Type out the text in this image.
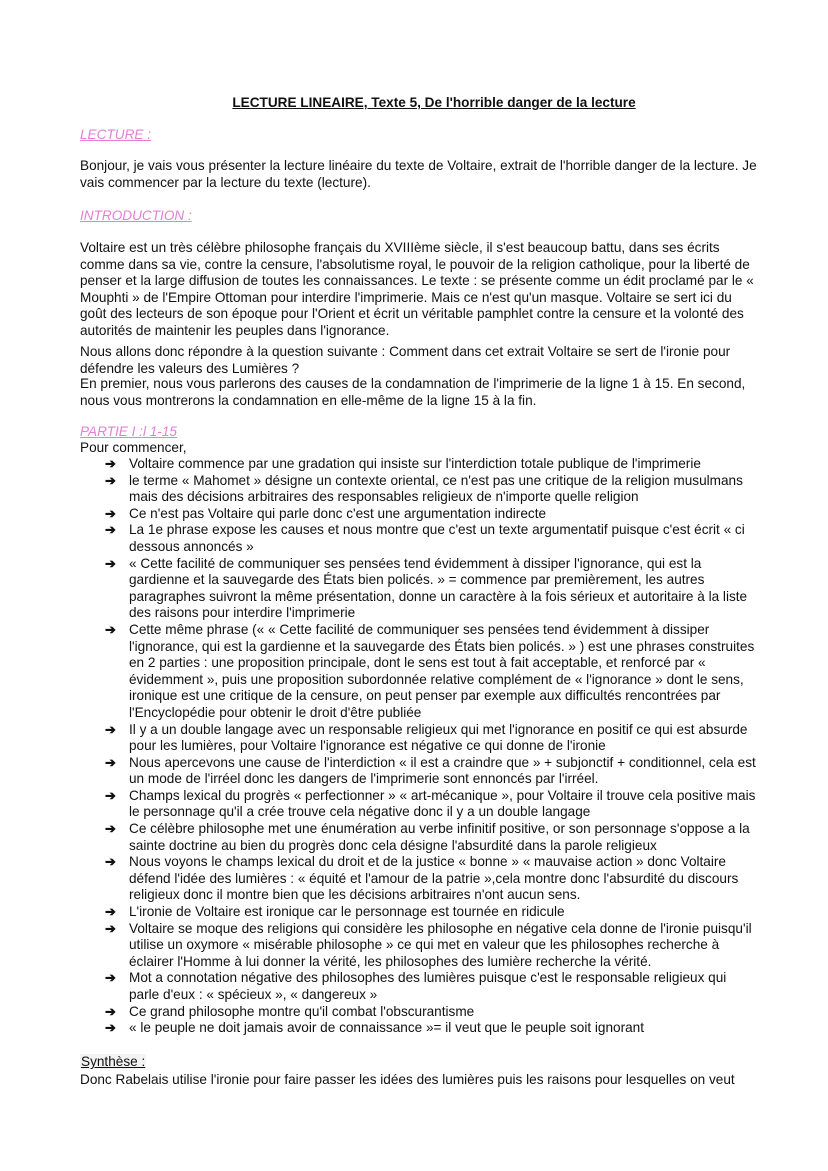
LECTURE LINEAIRE, Texte 5, De l'horrible danger de la lecture
LECTURE :

Bonjour, je vais vous présenter la lecture linéaire du texte de Voltaire, extrait de l'horrible danger de la lecture. Je vais commencer par la lecture du texte (lecture).

INTRODUCTION :

Voltaire est un très célèbre philosophe français du XVIIIème siècle, il s'est beaucoup battu, dans ses écrits comme dans sa vie, contre la censure, l'absolutisme royal, le pouvoir de la religion catholique, pour la liberté de penser et la large diffusion de toutes les connaissances. Le texte : se présente comme un édit proclamé par le « Mouphti » de l'Empire Ottoman pour interdire l'imprimerie. Mais ce n'est qu'un masque. Voltaire se sert ici du goût des lecteurs de son époque pour l'Orient et écrit un véritable pamphlet contre la censure et la volonté des autorités de maintenir les peuples dans l'ignorance.

Nous allons donc répondre à la question suivante : Comment dans cet extrait Voltaire se sert de l'ironie pour défendre les valeurs des Lumières ?

En premier, nous vous parlerons des causes de la condamnation de l'imprimerie de la ligne 1 à 15. En second, nous vous montrerons la condamnation en elle-même de la ligne 15 à la fin.

PARTIE I :l 1-15
Pour commencer,
➔ Voltaire commence par une gradation qui insiste sur l'interdiction totale publique de l'imprimerie
➔ le terme « Mahomet » désigne un contexte oriental, ce n'est pas une critique de la religion musulmans mais des décisions arbitraires des responsables religieux de n'importe quelle religion
➔ Ce n'est pas Voltaire qui parle donc c'est une argumentation indirecte
➔ La 1e phrase expose les causes et nous montre que c'est un texte argumentatif puisque c'est écrit « ci dessous annoncés »
➔ « Cette facilité de communiquer ses pensées tend évidemment à dissiper l'ignorance, qui est la gardienne et la sauvegarde des États bien policés. » = commence par premièrement, les autres paragraphes suivront la même présentation, donne un caractère à la fois sérieux et autoritaire à la liste des raisons pour interdire l'imprimerie
➔ Cette même phrase (« « Cette facilité de communiquer ses pensées tend évidemment à dissiper l'ignorance, qui est la gardienne et la sauvegarde des États bien policés. » ) est une phrases construites en 2 parties : une proposition principale, dont le sens est tout à fait acceptable, et renforcé par « évidemment », puis une proposition subordonnée relative complément de « l'ignorance » dont le sens, ironique est une critique de la censure, on peut penser par exemple aux difficultés rencontrées par l'Encyclopédie pour obtenir le droit d'être publiée
➔ Il y a un double langage avec un responsable religieux qui met l'ignorance en positif ce qui est absurde pour les lumières, pour Voltaire l'ignorance est négative ce qui donne de l'ironie
➔ Nous apercevons une cause de l'interdiction « il est a craindre que » + subjonctif + conditionnel, cela est un mode de l'irréel donc les dangers de l'imprimerie sont ennoncés par l'irréel.
➔ Champs lexical du progrès « perfectionner » « art-mécanique », pour Voltaire il trouve cela positive mais le personnage qu'il a crée trouve cela négative donc il y a un double langage
➔ Ce célèbre philosophe met une énumération au verbe infinitif positive, or son personnage s'oppose a la sainte doctrine au bien du progrès donc cela désigne l'absurdité dans la parole religieux
➔ Nous voyons le champs lexical du droit et de la justice « bonne » « mauvaise action » donc Voltaire défend l'idée des lumières : « équité et l'amour de la patrie »,cela montre donc l'absurdité du discours religieux donc il montre bien que les décisions arbitraires n'ont aucun sens.
➔ L'ironie de Voltaire est ironique car le personnage est tournée en ridicule
➔ Voltaire se moque des religions qui considère les philosophe en négative cela donne de l'ironie puisqu'il utilise un oxymore « misérable philosophe » ce qui met en valeur que les philosophes recherche à éclairer l'Homme à lui donner la vérité, les philosophes des lumière recherche la vérité.
➔ Mot a connotation négative des philosophes des lumières puisque c'est le responsable religieux qui parle d'eux : « spécieux », « dangereux »
➔ Ce grand philosophe montre qu'il combat l'obscurantisme
➔ « le peuple ne doit jamais avoir de connaissance »= il veut que le peuple soit ignorant
Synthèse :

Donc Rabelais utilise l'ironie pour faire passer les idées des lumières puis les raisons pour lesquelles on veut
